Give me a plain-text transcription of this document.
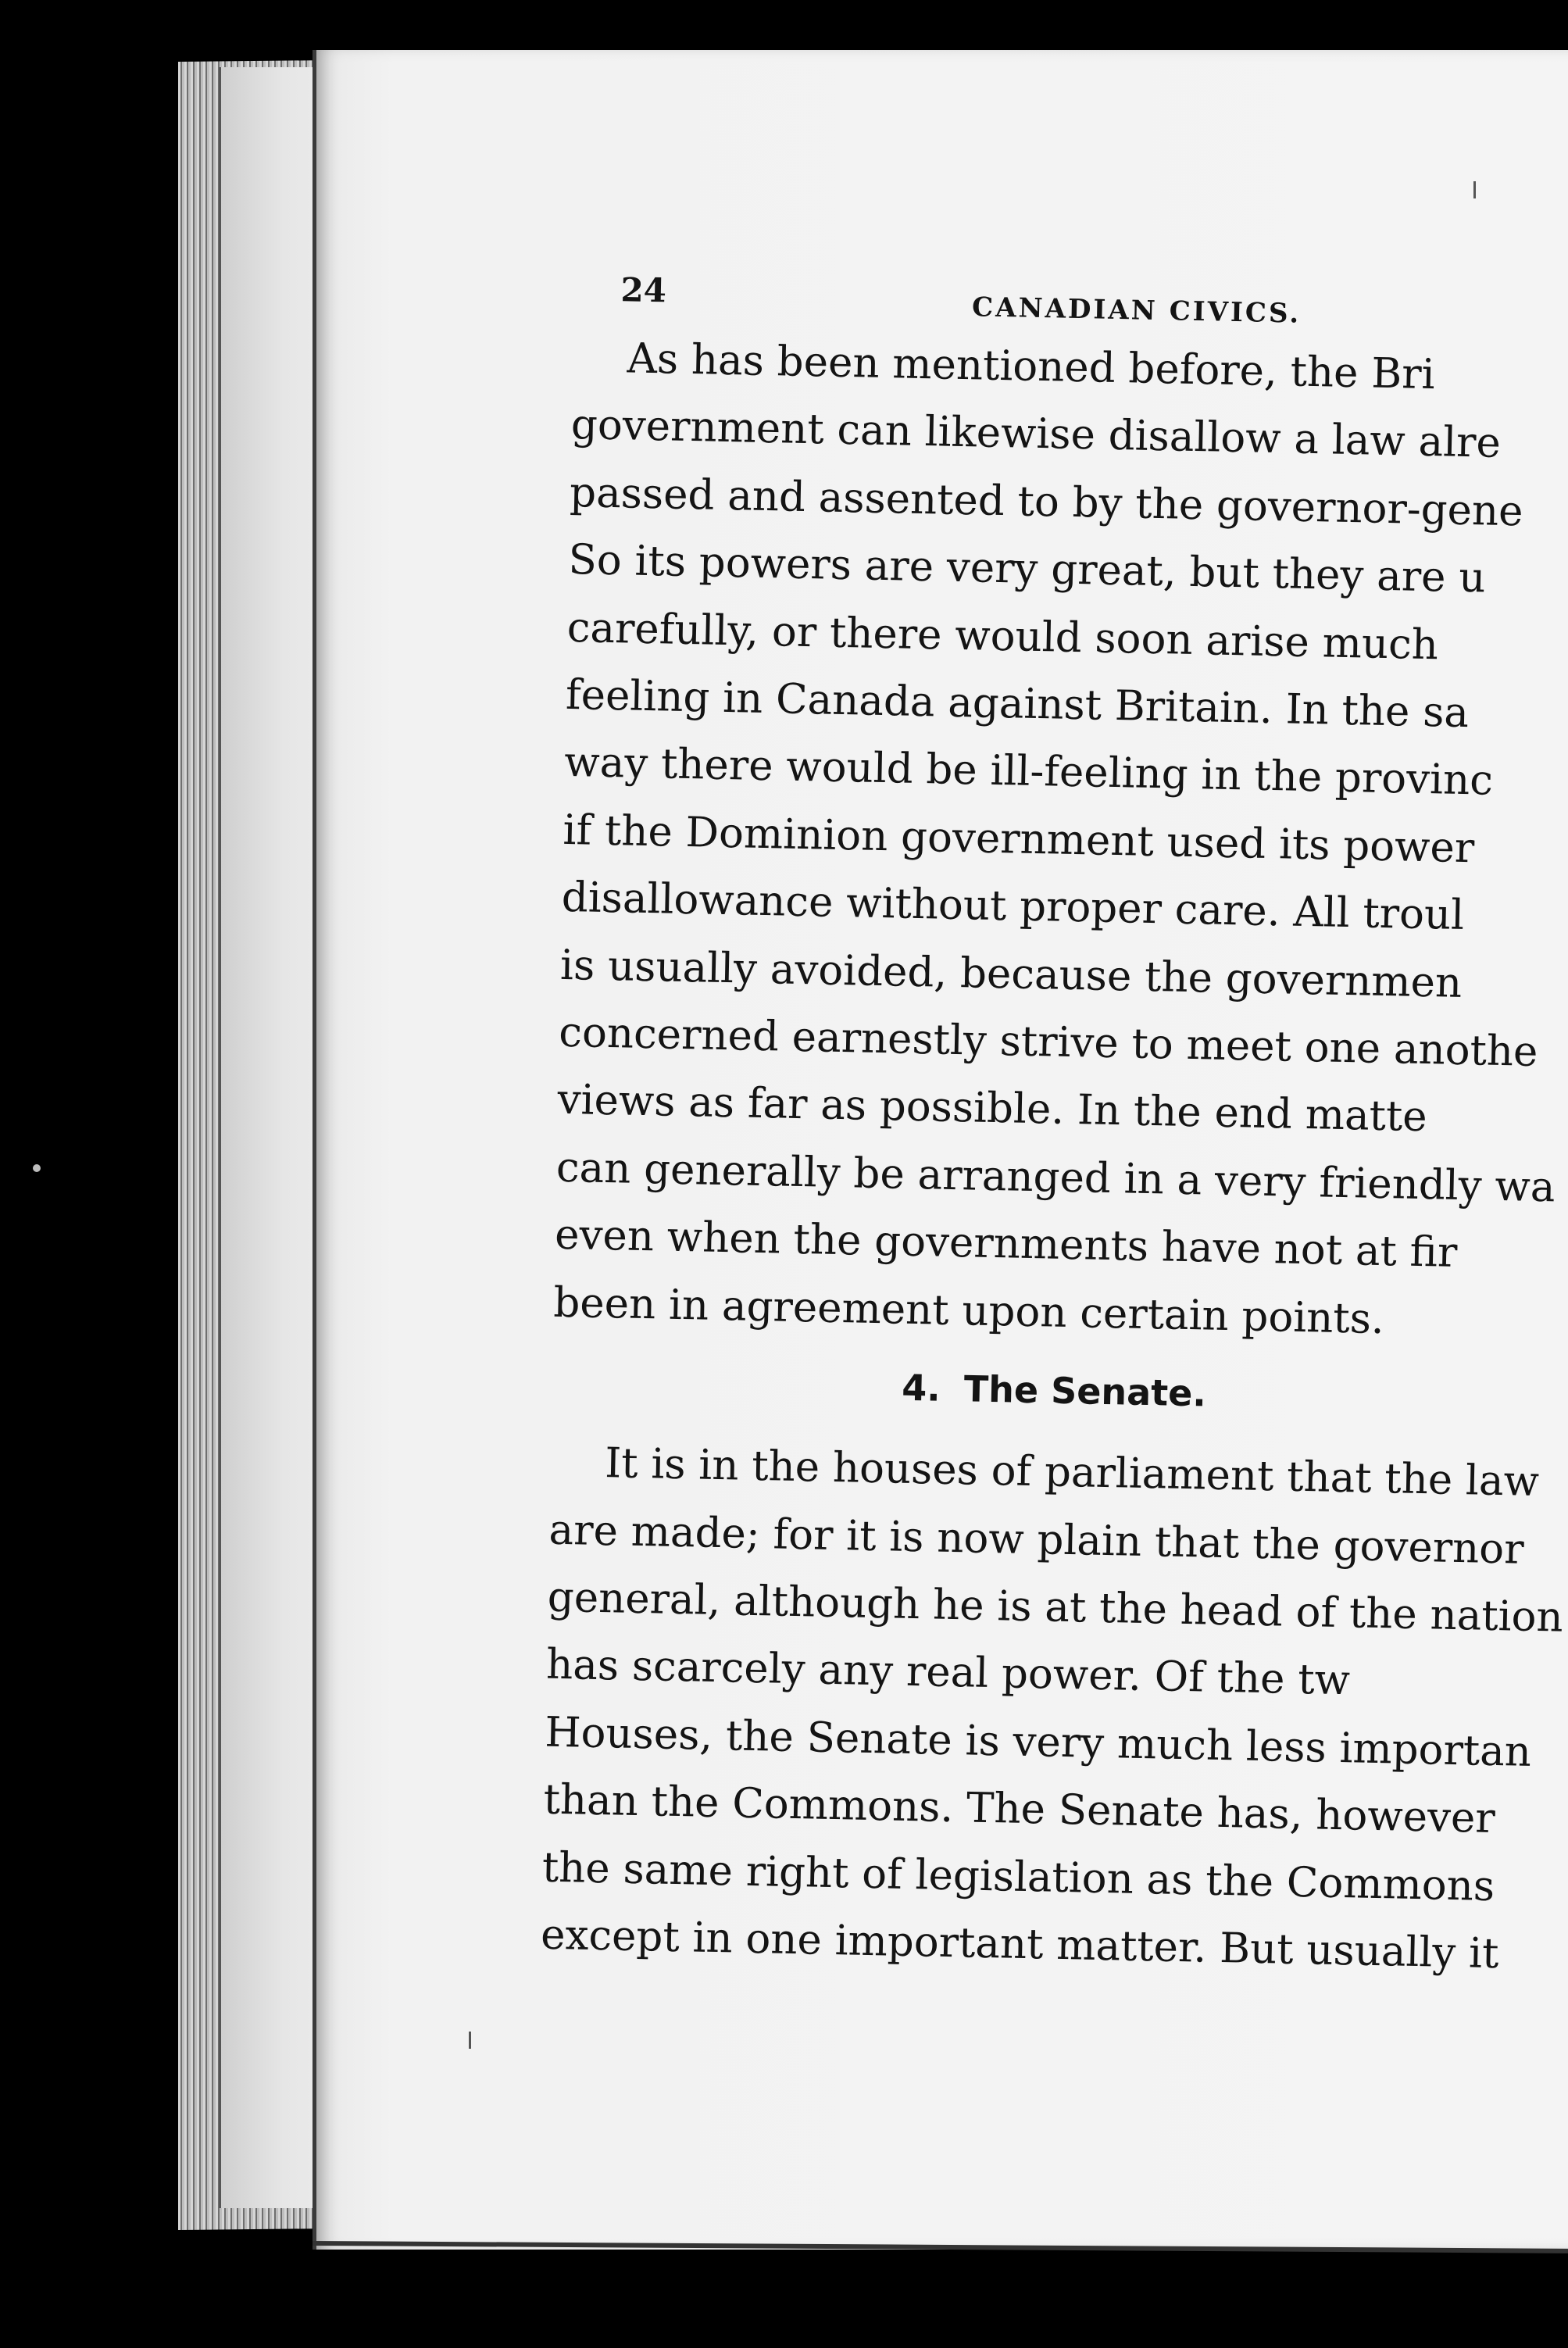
24
CANADIAN CIVICS.

As has been mentioned before, the Bri
government can likewise disallow a law alre
passed and assented to by the governor-gene
So its powers are very great, but they are u
carefully, or there would soon arise much
feeling in Canada against Britain. In the sa
way there would be ill-feeling in the provinc
if the Dominion government used its power
disallowance without proper care. All troul
is usually avoided, because the governmen
concerned earnestly strive to meet one anothe
views as far as possible. In the end matte
can generally be arranged in a very friendly wa
even when the governments have not at fir
been in agreement upon certain points.

4. The Senate.

It is in the houses of parliament that the law
are made; for it is now plain that the governor
general, although he is at the head of the nation
has scarcely any real power. Of the tw
Houses, the Senate is very much less importan
than the Commons. The Senate has, however
the same right of legislation as the Commons
except in one important matter. But usually it
